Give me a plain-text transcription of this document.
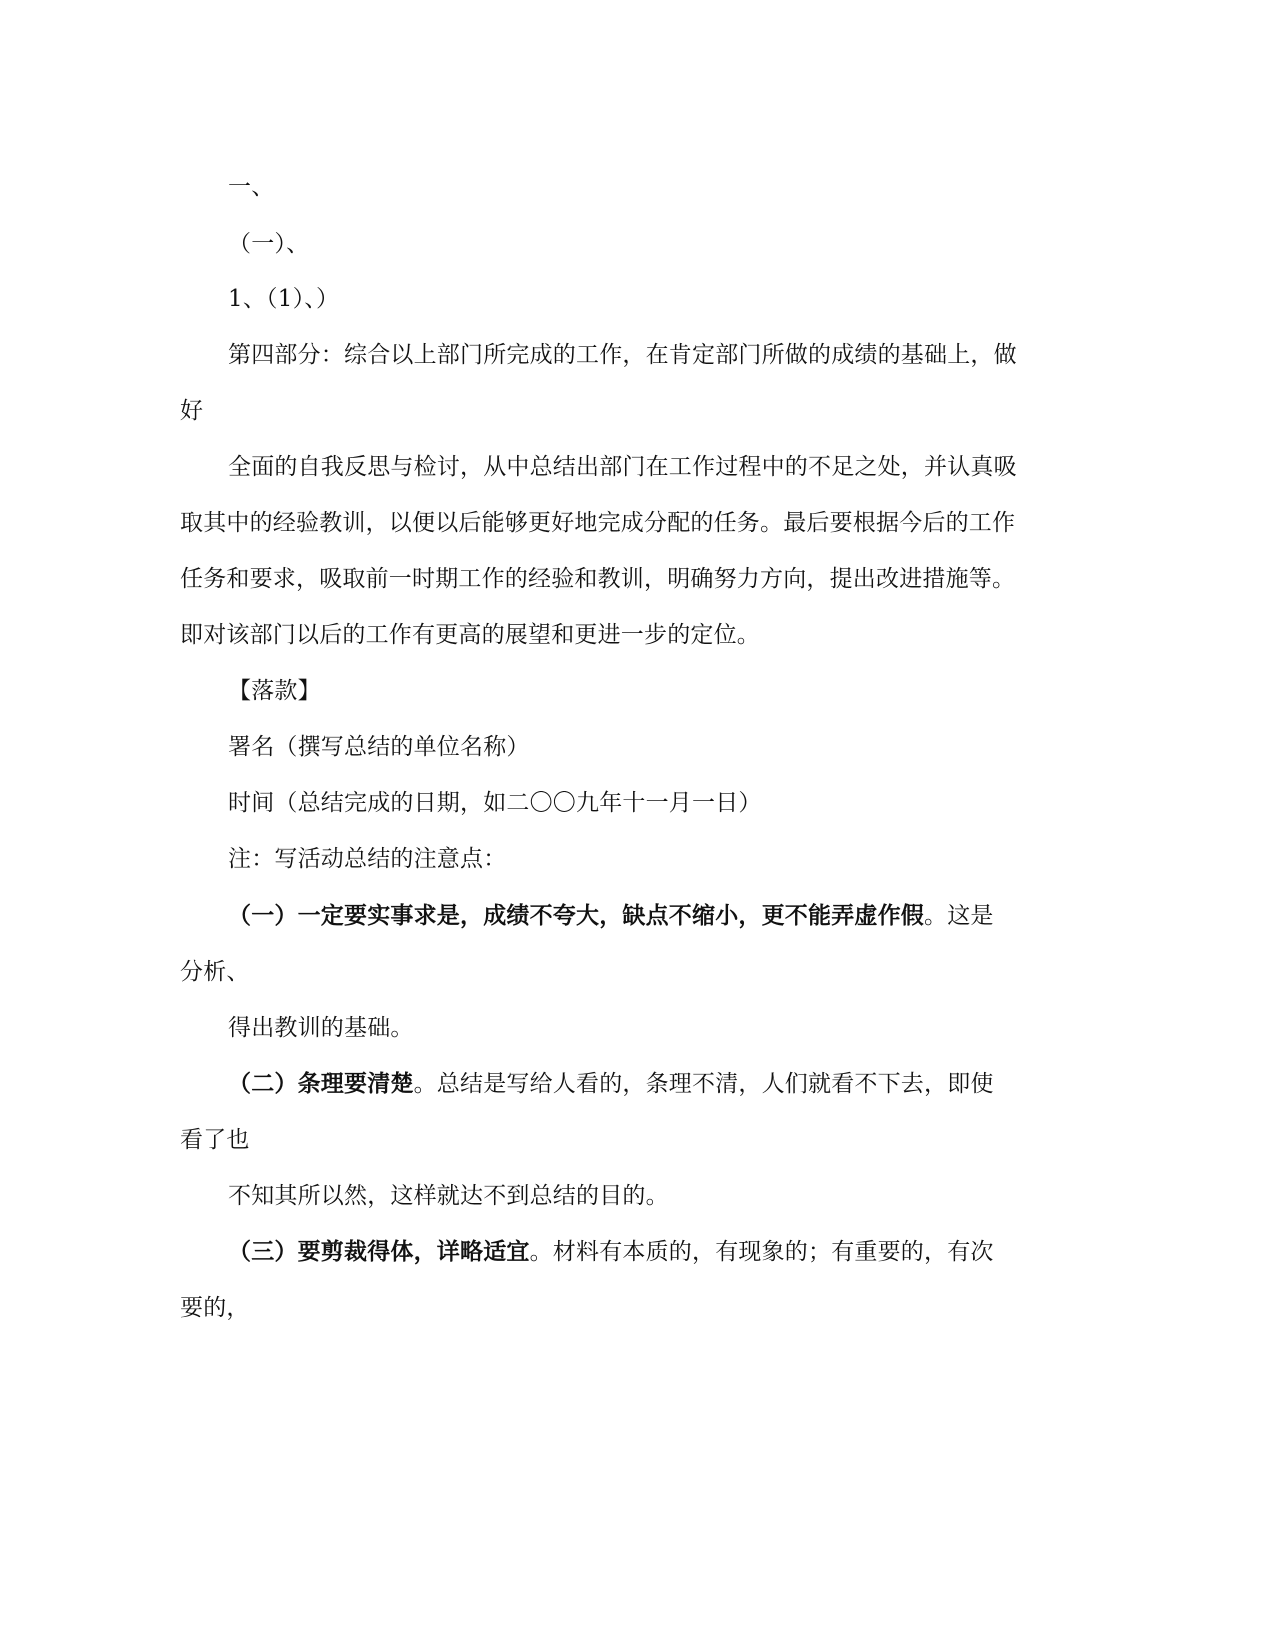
一、
（一）、
1、（1）、）
第四部分：综合以上部门所完成的工作，在肯定部门所做的成绩的基础上，做
好
全面的自我反思与检讨，从中总结出部门在工作过程中的不足之处，并认真吸
取其中的经验教训，以便以后能够更好地完成分配的任务。最后要根据今后的工作
任务和要求，吸取前一时期工作的经验和教训，明确努力方向，提出改进措施等。
即对该部门以后的工作有更高的展望和更进一步的定位。
【落款】
署名（撰写总结的单位名称）
时间（总结完成的日期，如二〇〇九年十一月一日）
注：写活动总结的注意点：
（一）一定要实事求是，成绩不夸大，缺点不缩小，更不能弄虚作假。这是
分析、
得出教训的基础。
（二）条理要清楚。总结是写给人看的，条理不清，人们就看不下去，即使
看了也
不知其所以然，这样就达不到总结的目的。
（三）要剪裁得体，详略适宜。材料有本质的，有现象的；有重要的，有次
要的，
